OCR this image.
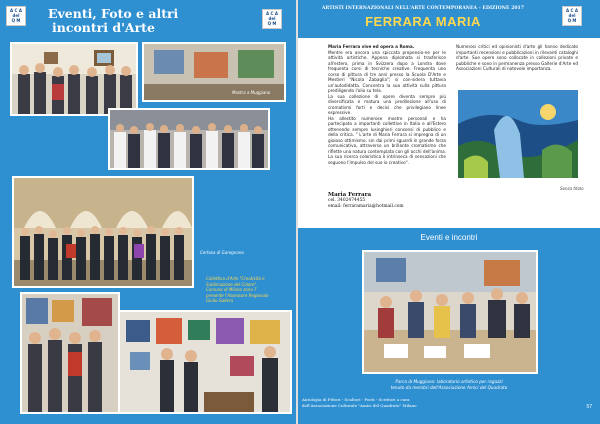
A C A
del
Q M	Eventi, Foto e altri
incontri d'Arte
A C A
del
Q M
Mostra a Muggiano
Certosa di Garegnano
Collettiva d'Arte "Creatività e
Sublimazione del Colore"
Comune di Milano zona 7
presente l'Assessore Regionale
Giulio Gallera
ARTISTI INTERNAZIONALI NELL'ARTE CONTEMPORANEA - EDIZIONE 2017
FERRARA MARIA
A C A
del
Q M

Maria Ferrara vive ed opera a Roma.

Mentre era ancora una spiccata propensio-ne per le attività artistiche. Appena diplomata si trasferisce all'estero, prima in Svizzera dopo a Londra dove frequenta corsi di tecniche creative. Frequenta uno corso di pittura di tre anni presso la Scuola D'Arte e Mestieri "Nicola Zabaglia"; si con-sidera tuttavia un'autodidatta. Concentra la sua attività sulla pittura prediligendo l'olio su tela.

La sua collezione di opere diventa sempre più diversificata e matura una predilezione all'uso di cromatismi forti e decisi che privilegiano linee espressive.

Ha allestito numerose mostre personali e ha partecipato a importanti collettive in Italia e all'Estero ottenendo sempre lusinghieri consensi di pubblico e della critica. " L'arte di Maria Ferrara si impregna di un gioioso ottimismo, sin dai primi sguardi in grande forza comunicativa, attraverso un brillante cromatismo che riflette una natura contemplata con gli occhi dell'anima. La sua ricerca coloristica è intrinseca di sensazioni che seguono l'impulso del suo io creativo".

Numerosi critici ed opinionisti d'arte gli hanno dedicato importanti recensioni e pubblicazioni in rilevanti cataloghi d'arte. Sue opere sono collocate in collezioni private e pubbliche e sono in permanenza presso Gallerie d'Arte ed Associazioni Culturali di notevole importanza.
Senza titolo
Maria Ferrara
cel. 3402474455
email: ferraramaria@hotmail.com
Eventi e incontri
Parco di Muggiano: laboratorio artistico per ragazzi
tenuto da membri dell'Associazione Amici del Quadrato
Antologia di Pittori - Scultori - Poeti - Scrittori a cura
dell'Associazione Culturale "Amici del Quadrato" Milano	57
